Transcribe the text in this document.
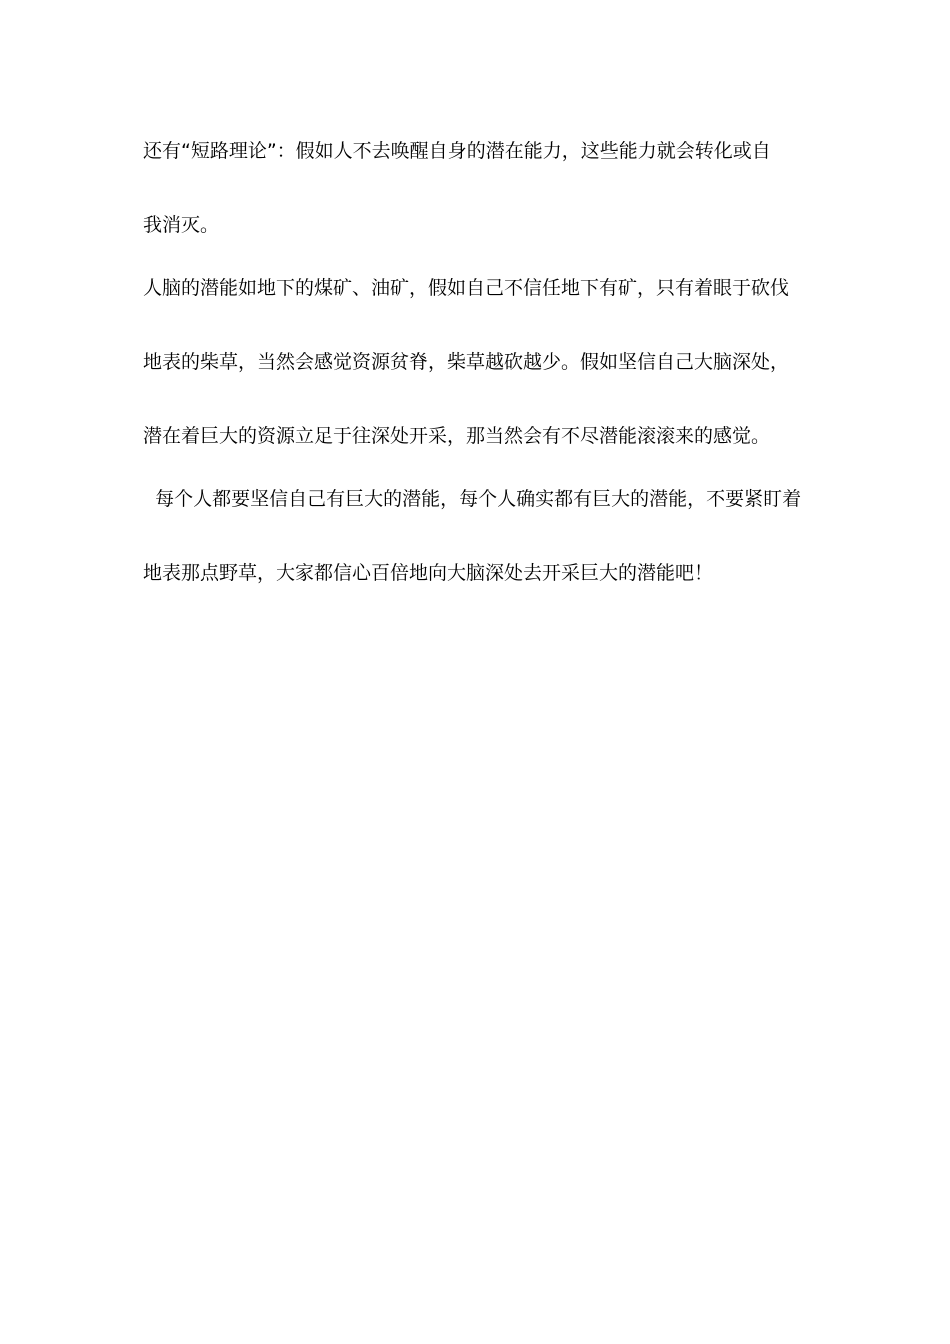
还有“短路理论”：假如人不去唤醒自身的潜在能力，这些能力就会转化或自
我消灭。
人脑的潜能如地下的煤矿、油矿，假如自己不信任地下有矿，只有着眼于砍伐
地表的柴草，当然会感觉资源贫脊，柴草越砍越少。假如坚信自己大脑深处，
潜在着巨大的资源立足于往深处开采，那当然会有不尽潜能滚滚来的感觉。
每个人都要坚信自己有巨大的潜能，每个人确实都有巨大的潜能，不要紧盯着
地表那点野草，大家都信心百倍地向大脑深处去开采巨大的潜能吧！
